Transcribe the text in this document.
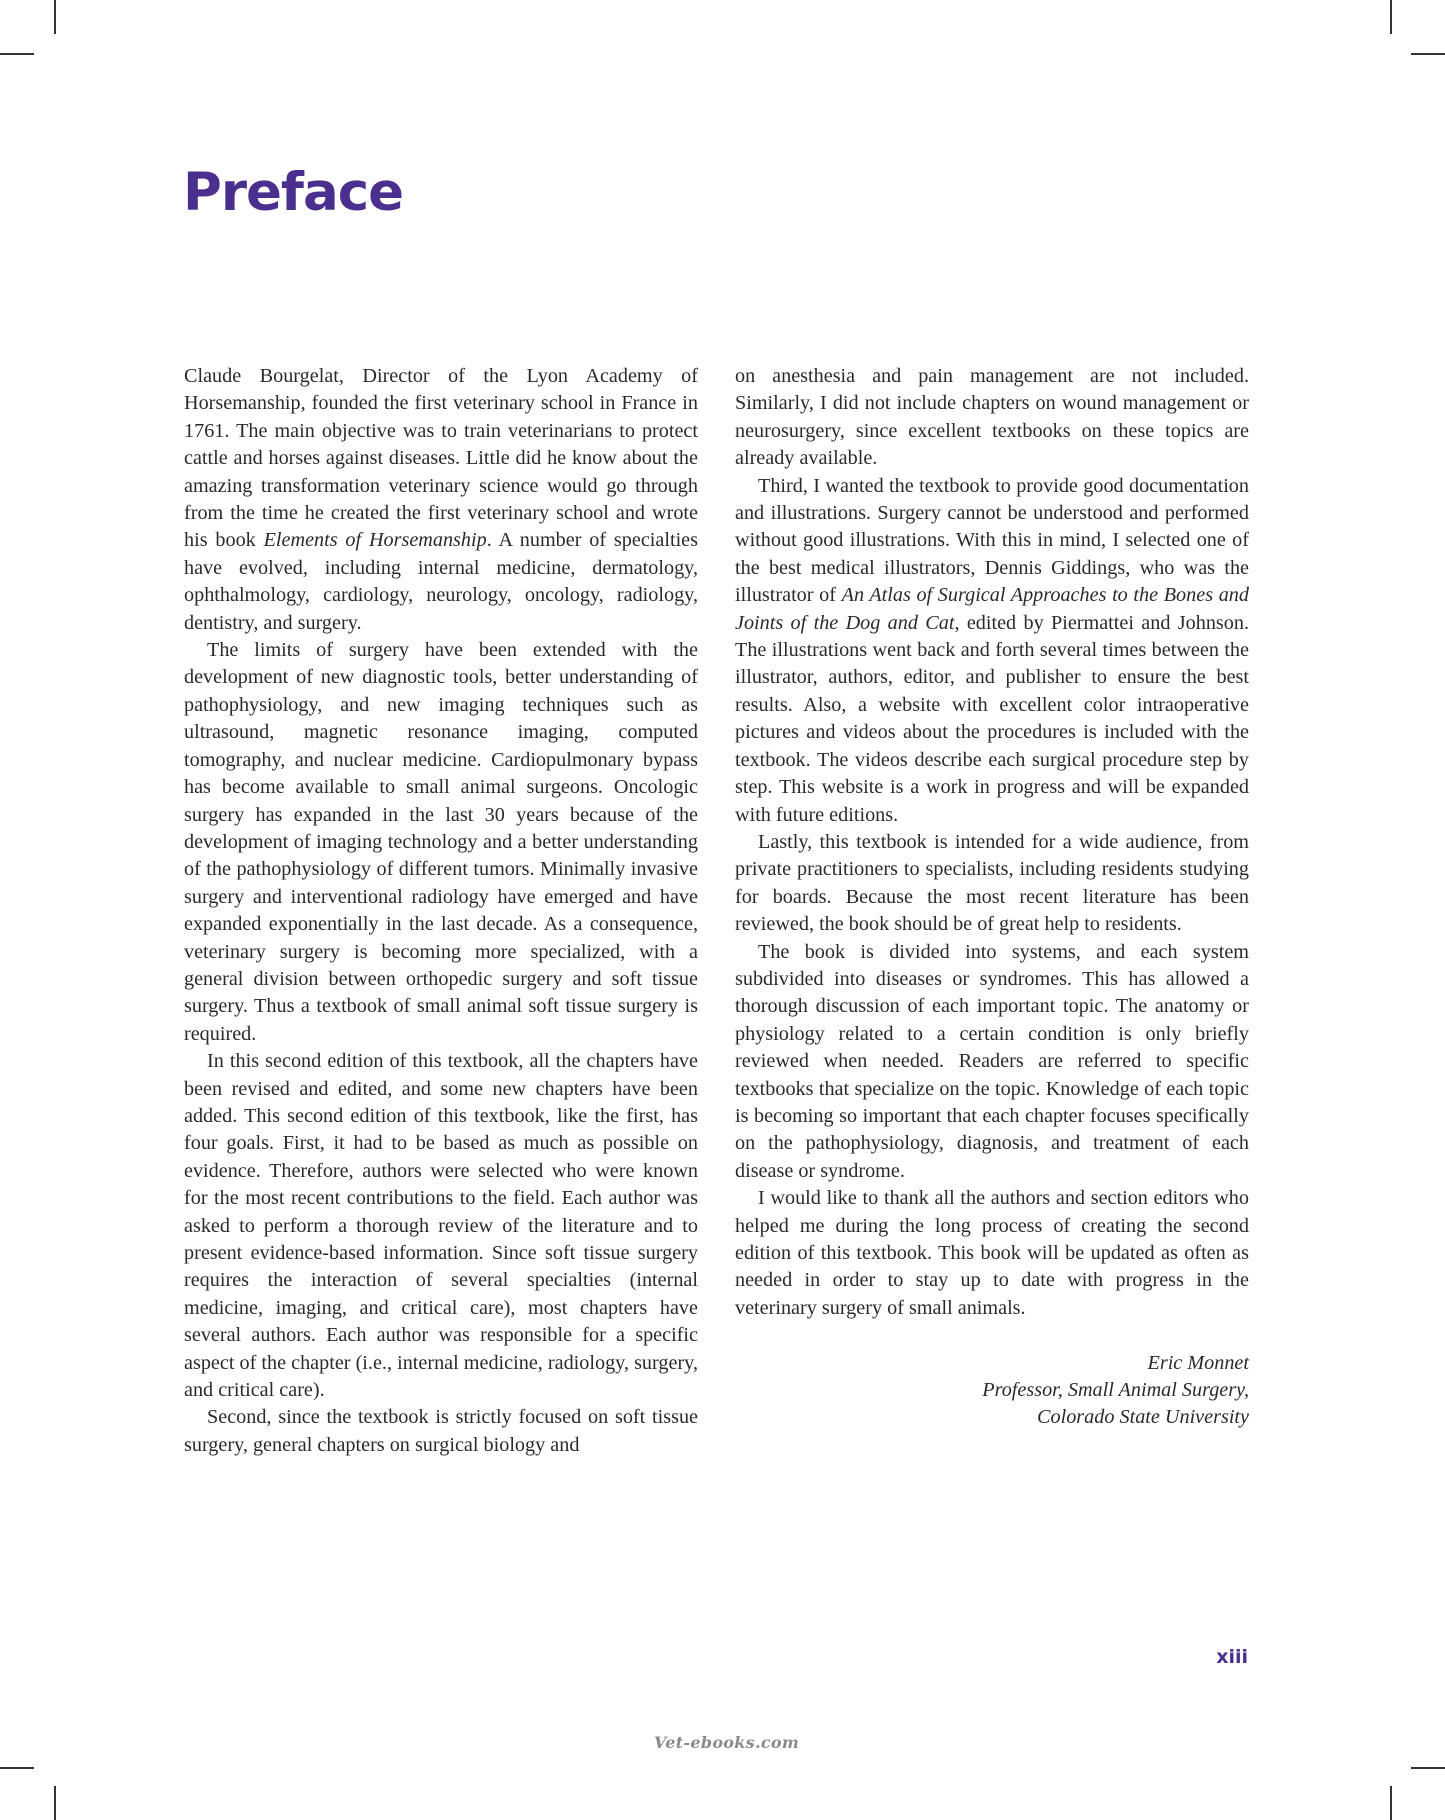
Preface

Claude Bourgelat, Director of the Lyon Academy of Horsemanship, founded the first veterinary school in France in 1761. The main objective was to train veterinarians to protect cattle and horses against diseases. Little did he know about the amazing transformation veterinary science would go through from the time he created the first veterinary school and wrote his book Elements of Horsemanship. A number of specialties have evolved, including internal medicine, dermatology, ophthalmology, cardiology, neurology, oncology, radiology, dentistry, and surgery.

The limits of surgery have been extended with the development of new diagnostic tools, better understanding of pathophysiology, and new imaging techniques such as ultrasound, magnetic resonance imaging, computed tomography, and nuclear medicine. Cardiopulmonary bypass has become available to small animal surgeons. Oncologic surgery has expanded in the last 30 years because of the development of imaging technology and a better understanding of the pathophysiology of different tumors. Minimally invasive surgery and interventional radiology have emerged and have expanded exponentially in the last decade. As a consequence, veterinary surgery is becoming more specialized, with a general division between orthopedic surgery and soft tissue surgery. Thus a textbook of small animal soft tissue surgery is required.

In this second edition of this textbook, all the chapters have been revised and edited, and some new chapters have been added. This second edition of this textbook, like the first, has four goals. First, it had to be based as much as possible on evidence. Therefore, authors were selected who were known for the most recent contributions to the field. Each author was asked to perform a thorough review of the literature and to present evidence-based information. Since soft tissue surgery requires the interaction of several specialties (internal medicine, imaging, and critical care), most chapters have several authors. Each author was responsible for a specific aspect of the chapter (i.e., internal medicine, radiology, surgery, and critical care).

Second, since the textbook is strictly focused on soft tissue surgery, general chapters on surgical biology and

on anesthesia and pain management are not included. Similarly, I did not include chapters on wound management or neurosurgery, since excellent textbooks on these topics are already available.

Third, I wanted the textbook to provide good documentation and illustrations. Surgery cannot be understood and performed without good illustrations. With this in mind, I selected one of the best medical illustrators, Dennis Giddings, who was the illustrator of An Atlas of Surgical Approaches to the Bones and Joints of the Dog and Cat, edited by Piermattei and Johnson. The illustrations went back and forth several times between the illustrator, authors, editor, and publisher to ensure the best results. Also, a website with excellent color intraoperative pictures and videos about the procedures is included with the textbook. The videos describe each surgical procedure step by step. This website is a work in progress and will be expanded with future editions.

Lastly, this textbook is intended for a wide audience, from private practitioners to specialists, including residents studying for boards. Because the most recent literature has been reviewed, the book should be of great help to residents.

The book is divided into systems, and each system subdivided into diseases or syndromes. This has allowed a thorough discussion of each important topic. The anatomy or physiology related to a certain condition is only briefly reviewed when needed. Readers are referred to specific textbooks that specialize on the topic. Knowledge of each topic is becoming so important that each chapter focuses specifically on the pathophysiology, diagnosis, and treatment of each disease or syndrome.

I would like to thank all the authors and section editors who helped me during the long process of creating the second edition of this textbook. This book will be updated as often as needed in order to stay up to date with progress in the veterinary surgery of small animals.

Eric Monnet
Professor, Small Animal Surgery,
Colorado State University
xiii
Vet-ebooks.com
